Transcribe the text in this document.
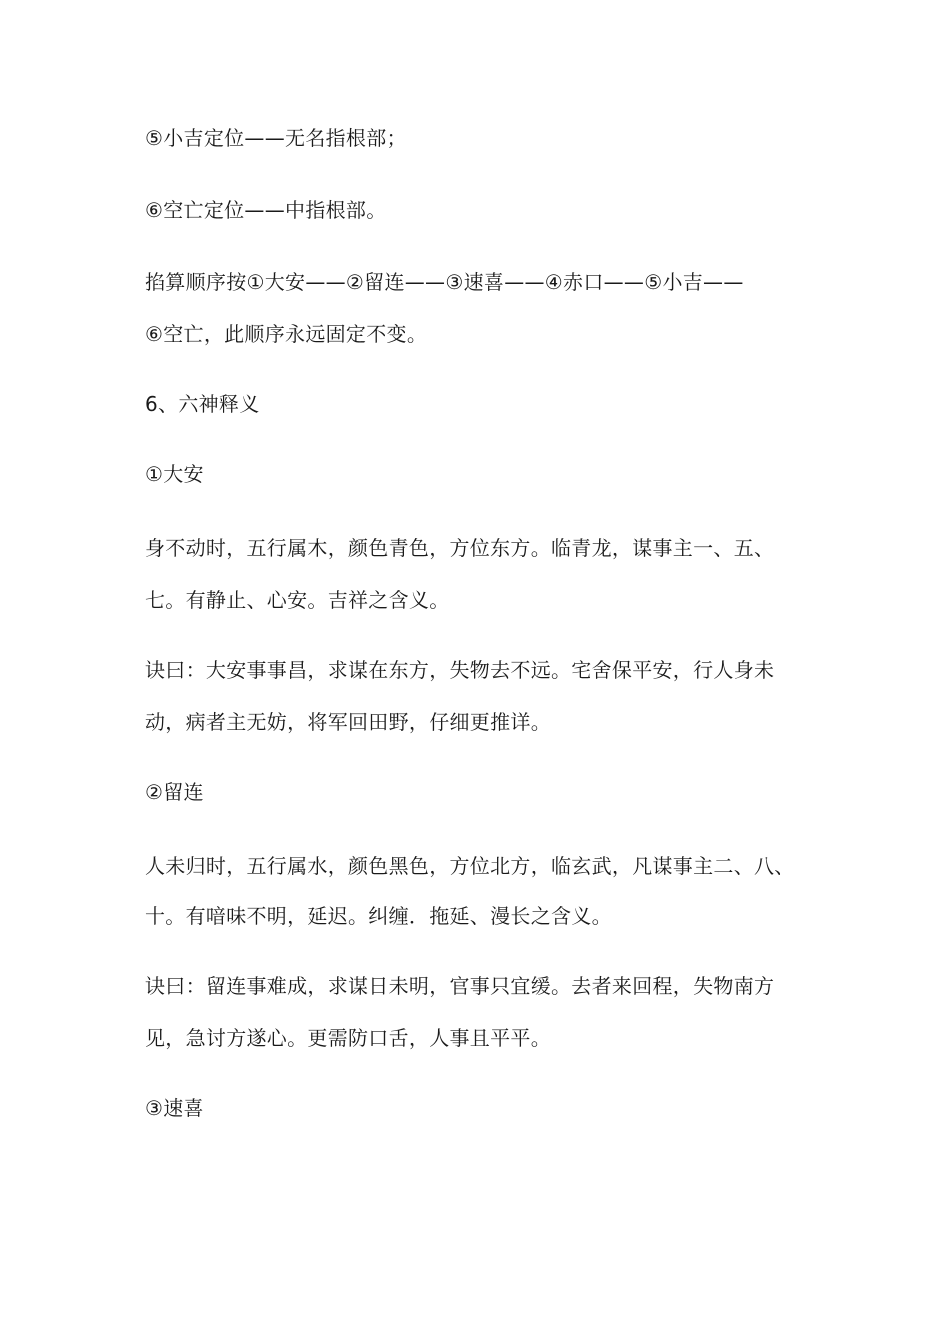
⑤小吉定位——无名指根部；
⑥空亡定位——中指根部。
掐算顺序按①大安——②留连——③速喜——④赤口——⑤小吉——
⑥空亡，此顺序永远固定不变。
6、六神释义
①大安
身不动时，五行属木，颜色青色，方位东方。临青龙，谋事主一、五、
七。有静止、心安。吉祥之含义。
诀曰：大安事事昌，求谋在东方，失物去不远。宅舍保平安，行人身未
动，病者主无妨，将军回田野，仔细更推详。
②留连
人未归时，五行属水，颜色黑色，方位北方，临玄武，凡谋事主二、八、
十。有喑味不明，延迟。纠缠．拖延、漫长之含义。
诀曰：留连事难成，求谋日未明，官事只宜缓。去者来回程，失物南方
见，急讨方遂心。更需防口舌，人事且平平。
③速喜
